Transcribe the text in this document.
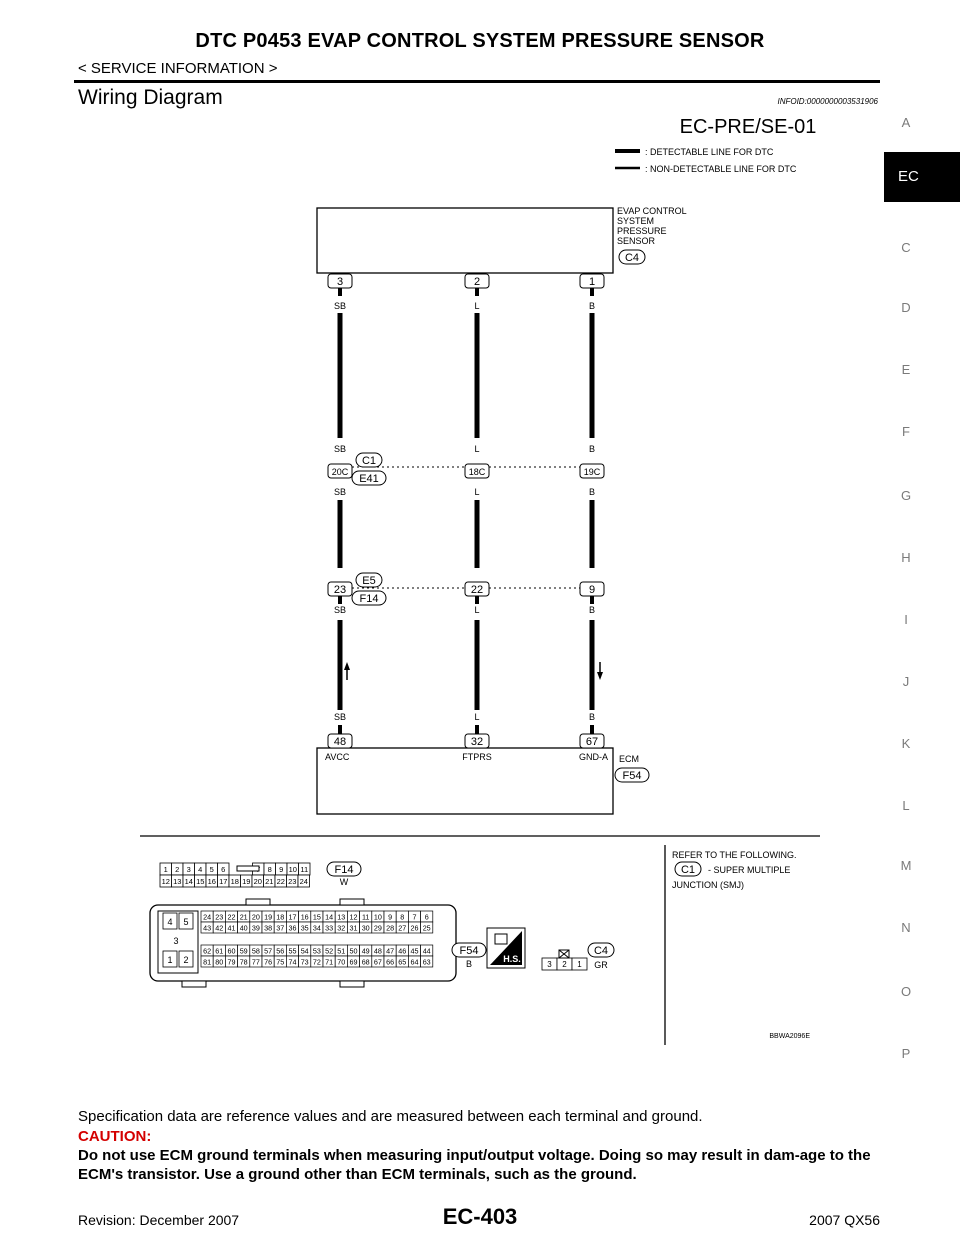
DTC P0453 EVAP CONTROL SYSTEM PRESSURE SENSOR
< SERVICE INFORMATION >
Wiring Diagram	INFOID:0000000003531906
A
EC
C
D
E
F
G
H
I
J
K
L
M
N
O
P
EC-PRE/SE-01
: DETECTABLE LINE FOR DTC
: NON-DETECTABLE LINE FOR DTC
EVAP CONTROL
SYSTEM
PRESSURE
SENSOR
C4
3	2	1
ECM
F54
48	32	67
AVCC	FTPRS	GND-A
SB
SB
SB
SB
SB
L
L
L
L
L
B
B
B
B
B
20C	18C	19C
C1
E41
23	22	9
E5
F14
REFER TO THE FOLLOWING.
C1 - SUPER MULTIPLE
JUNCTION (SMJ)
1 2 3 4 5 6	8 9 10 11
12 13 14 15 16 17 18 19 20 21 22 23 24
F14
W
4 5
3
1 2
24 23 22 21 20 19 18 17 16 15 14 13 12 11 10 9 8 7 6
43 42 41 40 39 38 37 36 35 34 33 32 31 30 29 28 27 26 25
62 61 60 59 58 57 56 55 54 53 52 51 50 49 48 47 46 45 44
81 80 79 78 77 76 75 74 73 72 71 70 69 68 67 66 65 64 63
F54
B	H.S.
3 2 1
C4
GR
BBWA2096E
Specification data are reference values and are measured between each terminal and ground.
CAUTION:
Do not use ECM ground terminals when measuring input/output voltage. Doing so may result in dam-age to the ECM's transistor. Use a ground other than ECM terminals, such as the ground.
Revision: December 2007	EC-403	2007 QX56
